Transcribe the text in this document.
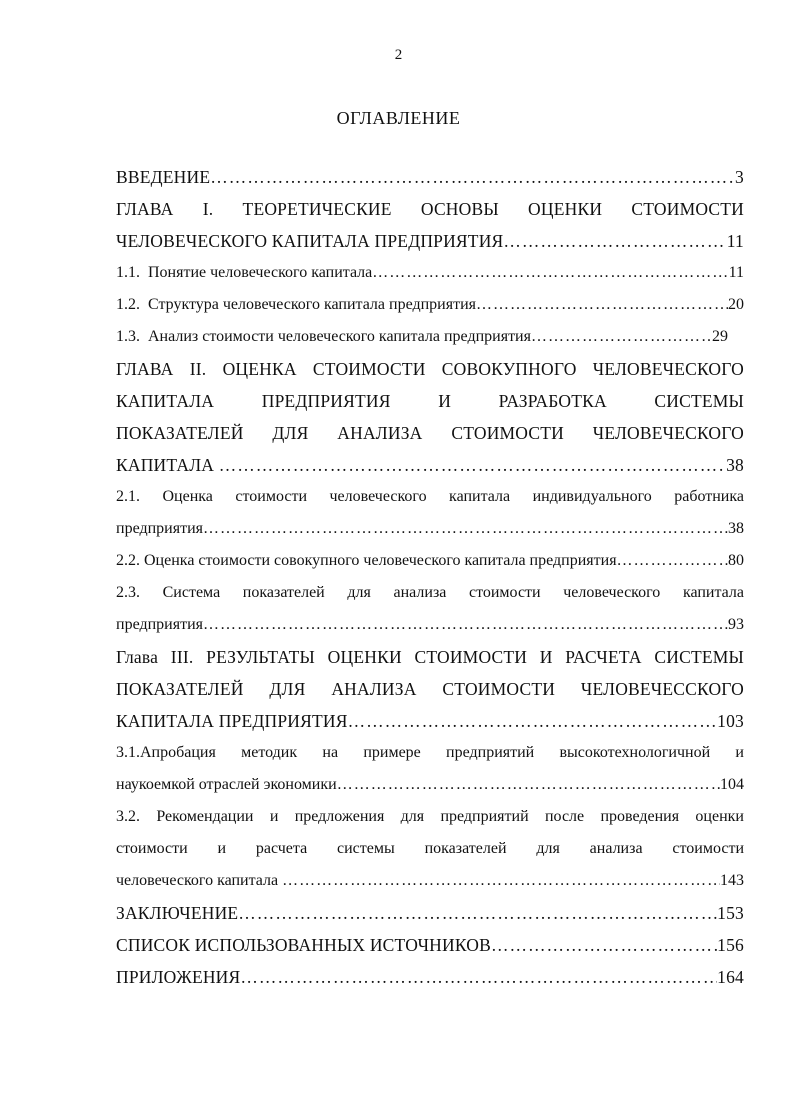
2
ОГЛАВЛЕНИЕ
ВВЕДЕНИЕ …………………………………………………………………………………………………………………………………………………………………………………………	3
ГЛАВА I. ТЕОРЕТИЧЕСКИЕ ОСНОВЫ ОЦЕНКИ СТОИМОСТИ
ЧЕЛОВЕЧЕСКОГО КАПИТАЛА ПРЕДПРИЯТИЯ …………………………………………………………………………………………………………………………………………………………………………………………	11
1.1.  Понятие человеческого капитала …………………………………………………………………………………………………………………………………………………………………………………………	11
1.2.  Структура человеческого капитала предприятия …………………………………………………………………………………………………………………………………………………………………………………………	20
1.3.  Анализ стоимости человеческого капитала предприятия …………………………………………………………………………………………………………………………………………………………………………………………	29
ГЛАВА II. ОЦЕНКА СТОИМОСТИ СОВОКУПНОГО ЧЕЛОВЕЧЕСКОГО
КАПИТАЛА ПРЕДПРИЯТИЯ И РАЗРАБОТКА СИСТЕМЫ
ПОКАЗАТЕЛЕЙ ДЛЯ АНАЛИЗА СТОИМОСТИ ЧЕЛОВЕЧЕСКОГО
КАПИТАЛА …………………………………………………………………………………………………………………………………………………………………………………………	38
2.1. Оценка стоимости человеческого капитала индивидуального работника
предприятия …………………………………………………………………………………………………………………………………………………………………………………………	38
2.2. Оценка стоимости совокупного человеческого капитала предприятия …………………………………………………………………………………………………………………………………………………………………………………………	80
2.3. Система показателей для анализа стоимости человеческого капитала
предприятия …………………………………………………………………………………………………………………………………………………………………………………………	93
Глава III. РЕЗУЛЬТАТЫ ОЦЕНКИ СТОИМОСТИ И РАСЧЕТА СИСТЕМЫ
ПОКАЗАТЕЛЕЙ ДЛЯ АНАЛИЗА СТОИМОСТИ ЧЕЛОВЕЧЕССКОГО
КАПИТАЛА ПРЕДПРИЯТИЯ …………………………………………………………………………………………………………………………………………………………………………………………	103
3.1.Апробация методик на примере предприятий высокотехнологичной и
наукоемкой отраслей экономики …………………………………………………………………………………………………………………………………………………………………………………………	104
3.2. Рекомендации и предложения для предприятий после проведения оценки
стоимости и расчета системы показателей для анализа стоимости
человеческого капитала …………………………………………………………………………………………………………………………………………………………………………………………	143
ЗАКЛЮЧЕНИЕ …………………………………………………………………………………………………………………………………………………………………………………………	153
СПИСОК ИСПОЛЬЗОВАННЫХ ИСТОЧНИКОВ …………………………………………………………………………………………………………………………………………………………………………………………	156
ПРИЛОЖЕНИЯ …………………………………………………………………………………………………………………………………………………………………………………………	164
